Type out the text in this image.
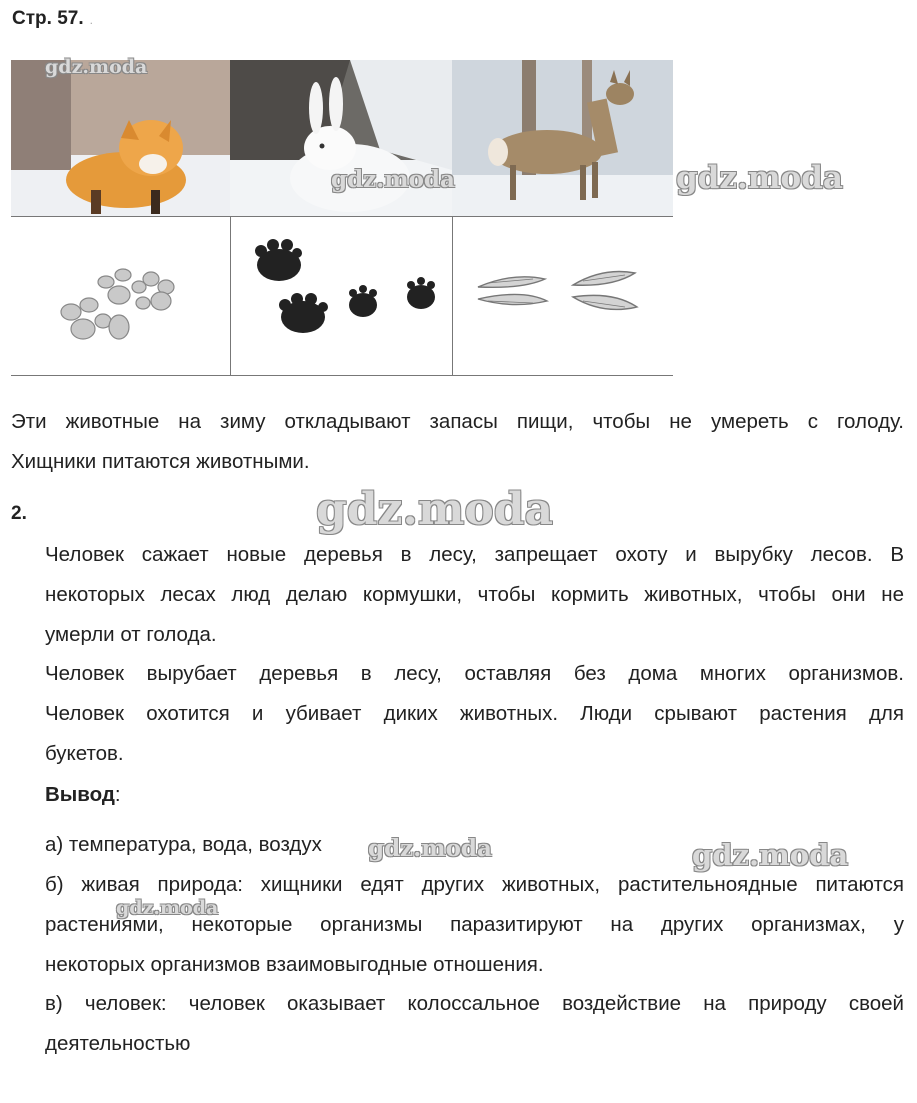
Стр. 57. .
gdz.moda
gdz.moda	gdz.moda
Эти животные на зиму откладывают запасы пищи, чтобы не умереть с голоду.
Хищники питаются животными.
2.	gdz.moda
Человек сажает новые деревья в лесу, запрещает охоту и вырубку лесов. В
некоторых лесах люд делаю кормушки, чтобы кормить животных, чтобы они не
умерли от голода.
Человек вырубает деревья в лесу, оставляя без дома многих организмов.
Человек охотится и убивает диких животных. Люди срывают растения для
букетов.
Вывод:
а) температура, вода, воздух	gdz.moda	gdz.moda
б) живая природа: хищники едят других животных, растительноядные питаются
растениями, некоторые организмы паразитируют на других организмах, у
некоторых организмов взаимовыгодные отношения.
gdz.moda
в) человек: человек оказывает колоссальное воздействие на природу своей
деятельностью
